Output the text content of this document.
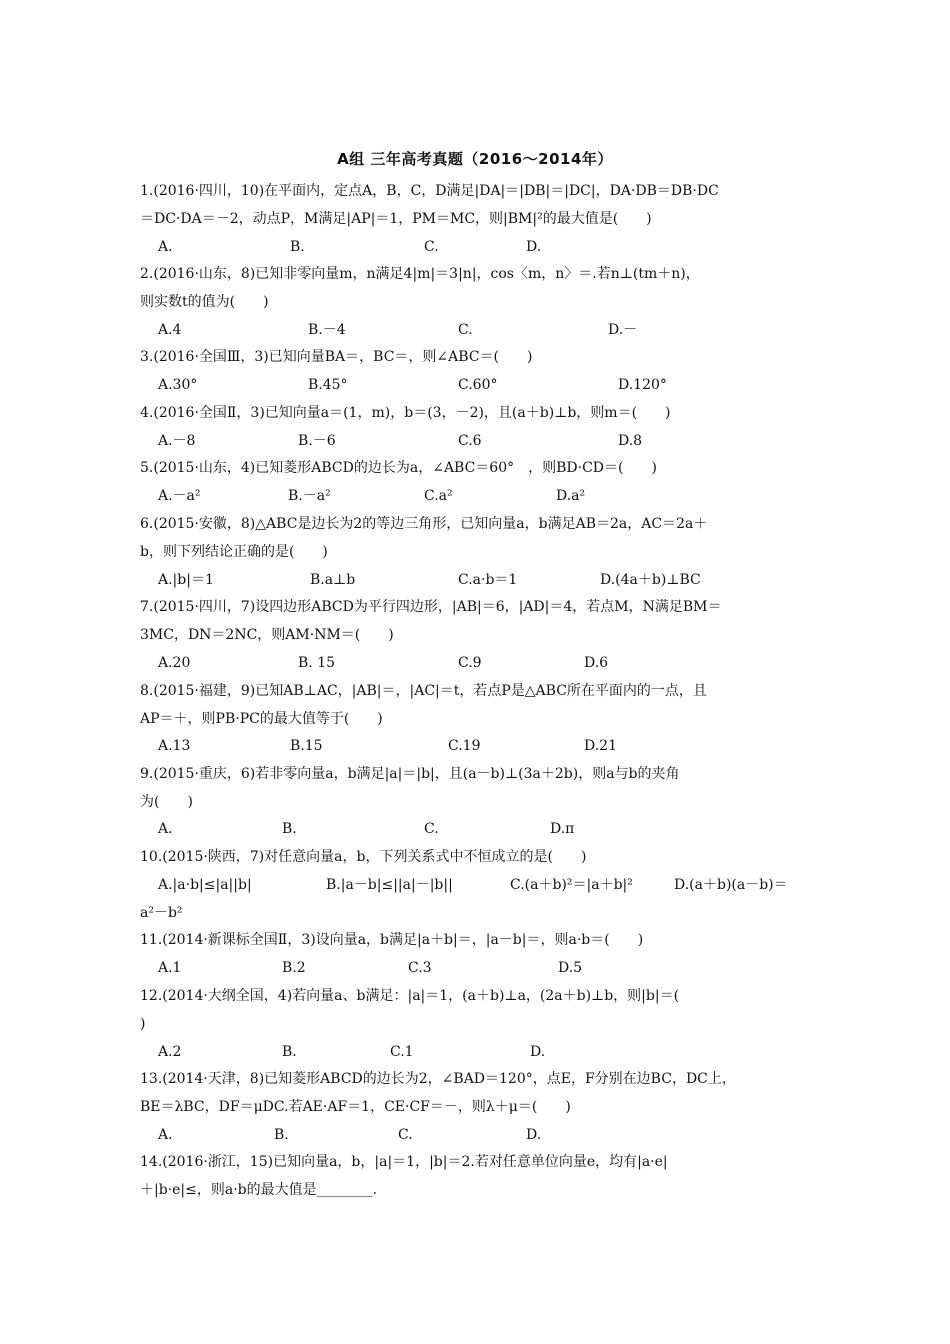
A组 三年高考真题（2016～2014年）
1.(2016·四川，10)在平面内，定点A，B，C，D满足|DA|＝|DB|＝|DC|，DA·DB＝DB·DC
＝DC·DA＝－2，动点P，M满足|AP|＝1，PM＝MC，则|BM|²的最大值是(　　)
A.	B.	C.	D.
2.(2016·山东，8)已知非零向量m，n满足4|m|＝3|n|，cos〈m，n〉＝.若n⊥(tm＋n)，
则实数t的值为(　　)
A.4	B.－4	C.	D.－
3.(2016·全国Ⅲ，3)已知向量BA＝，BC＝，则∠ABC＝(　　)
A.30°	B.45°	C.60°	D.120°
4.(2016·全国Ⅱ，3)已知向量a＝(1，m)，b＝(3，－2)，且(a＋b)⊥b，则m＝(　　)
A.－8	B.－6	C.6	D.8
5.(2015·山东，4)已知菱形ABCD的边长为a，∠ABC＝60°　，则BD·CD＝(　　)
A.－a²	B.－a²	C.a²	D.a²
6.(2015·安徽，8)△ABC是边长为2的等边三角形，已知向量a，b满足AB＝2a，AC＝2a＋
b，则下列结论正确的是(　　)
A.|b|＝1	B.a⊥b	C.a·b＝1	D.(4a＋b)⊥BC
7.(2015·四川，7)设四边形ABCD为平行四边形，|AB|＝6，|AD|＝4，若点M，N满足BM＝
3MC，DN＝2NC，则AM·NM＝(　　)
A.20	B. 15	C.9	D.6
8.(2015·福建，9)已知AB⊥AC，|AB|＝，|AC|＝t，若点P是△ABC所在平面内的一点，且
AP＝＋，则PB·PC的最大值等于(　　)
A.13	B.15	C.19	D.21
9.(2015·重庆，6)若非零向量a，b满足|a|＝|b|，且(a－b)⊥(3a＋2b)，则a与b的夹角
为(　　)
A.	B.	C.	D.π
10.(2015·陕西，7)对任意向量a，b，下列关系式中不恒成立的是(　　)
A.|a·b|≤|a||b|	B.|a－b|≤||a|－|b||	C.(a＋b)²＝|a＋b|²	D.(a＋b)(a－b)＝
a²－b²
11.(2014·新课标全国Ⅱ，3)设向量a，b满足|a＋b|＝，|a－b|＝，则a·b＝(　　)
A.1	B.2	C.3	D.5
12.(2014·大纲全国，4)若向量a、b满足：|a|＝1，(a＋b)⊥a，(2a＋b)⊥b，则|b|＝(
)
A.2	B.	C.1	D.
13.(2014·天津，8)已知菱形ABCD的边长为2，∠BAD＝120°，点E，F分别在边BC，DC上，
BE＝λBC，DF＝μDC.若AE·AF＝1，CE·CF＝－，则λ＋μ＝(　　)
A.	B.	C.	D.
14.(2016·浙江，15)已知向量a，b，|a|＝1，|b|＝2.若对任意单位向量e，均有|a·e|
＋|b·e|≤，则a·b的最大值是________.
